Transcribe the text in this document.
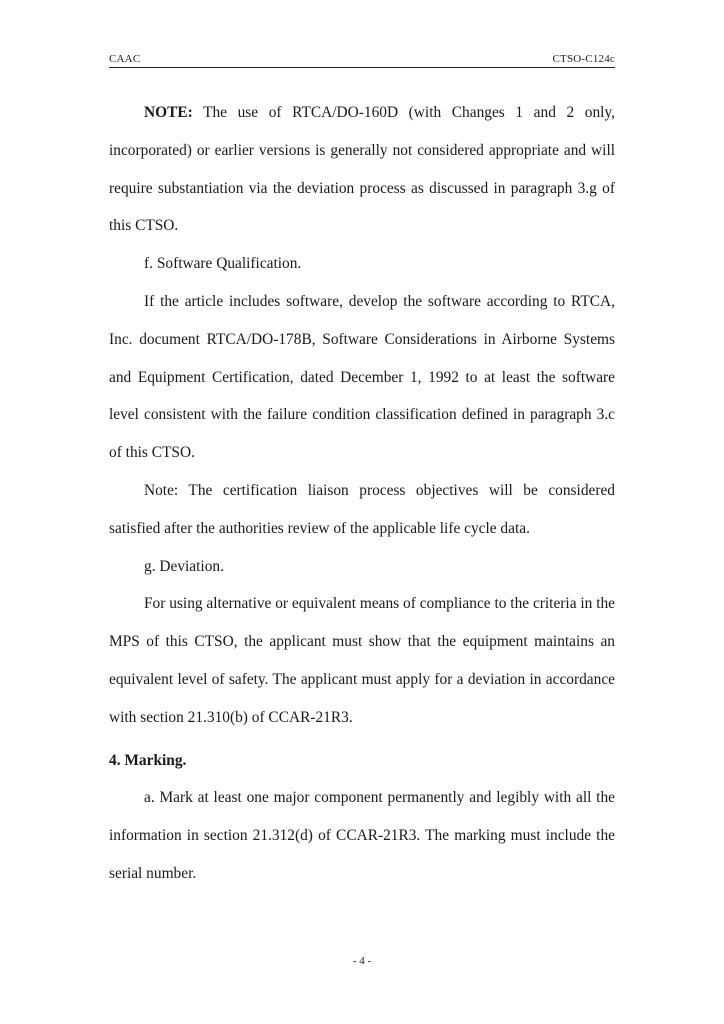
CAAC	CTSO-C124c

NOTE: The use of RTCA/DO-160D (with Changes 1 and 2 only, incorporated) or earlier versions is generally not considered appropriate and will require substantiation via the deviation process as discussed in paragraph 3.g of this CTSO.

f. Software Qualification.

If the article includes software, develop the software according to RTCA, Inc. document RTCA/DO-178B, Software Considerations in Airborne Systems and Equipment Certification, dated December 1, 1992 to at least the software level consistent with the failure condition classification defined in paragraph 3.c of this CTSO.

Note: The certification liaison process objectives will be considered satisfied after the authorities review of the applicable life cycle data.

g. Deviation.

For using alternative or equivalent means of compliance to the criteria in the MPS of this CTSO, the applicant must show that the equipment maintains an equivalent level of safety. The applicant must apply for a deviation in accordance with section 21.310(b) of CCAR-21R3.

4. Marking.

a. Mark at least one major component permanently and legibly with all the information in section 21.312(d) of CCAR-21R3. The marking must include the serial number.

- 4 -
